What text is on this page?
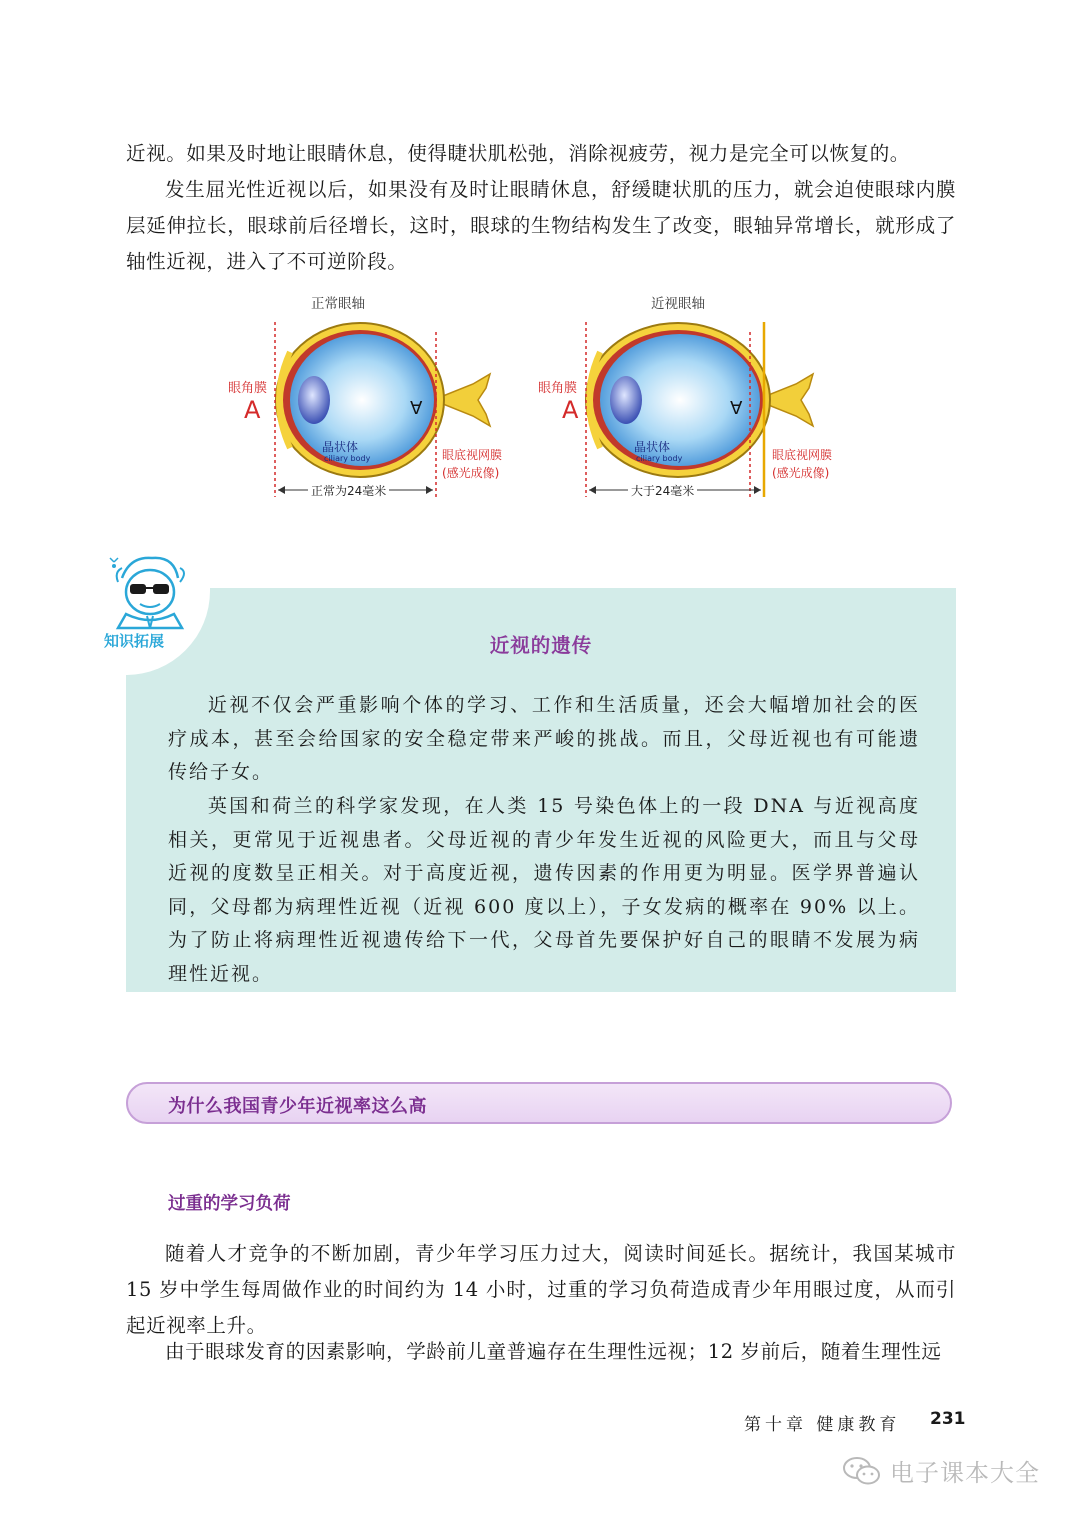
近视。如果及时地让眼睛休息，使得睫状肌松弛，消除视疲劳，视力是完全可以恢复的。

发生屈光性近视以后，如果没有及时让眼睛休息，舒缓睫状肌的压力，就会迫使眼球内膜层延伸拉长，眼球前后径增长，这时，眼球的生物结构发生了改变，眼轴异常增长，就形成了轴性近视，进入了不可逆阶段。

正常眼轴
眼角膜
A	A
晶状体
ciliary body	眼底视网膜
(感光成像)
正常为24毫米
近视眼轴
眼角膜
A	A
晶状体
ciliary body	眼底视网膜
(感光成像)
大于24毫米
知识拓展	近视的遗传

近视不仅会严重影响个体的学习、工作和生活质量，还会大幅增加社会的医疗成本，甚至会给国家的安全稳定带来严峻的挑战。而且，父母近视也有可能遗传给子女。

英国和荷兰的科学家发现，在人类 15 号染色体上的一段 DNA 与近视高度相关，更常见于近视患者。父母近视的青少年发生近视的风险更大，而且与父母近视的度数呈正相关。对于高度近视，遗传因素的作用更为明显。医学界普遍认同，父母都为病理性近视（近视 600 度以上），子女发病的概率在 90% 以上。为了防止将病理性近视遗传给下一代，父母首先要保护好自己的眼睛不发展为病理性近视。

为什么我国青少年近视率这么高
过重的学习负荷

随着人才竞争的不断加剧，青少年学习压力过大，阅读时间延长。据统计，我国某城市 15 岁中学生每周做作业的时间约为 14 小时，过重的学习负荷造成青少年用眼过度，从而引起近视率上升。

由于眼球发育的因素影响，学龄前儿童普遍存在生理性远视；12 岁前后，随着生理性远

第十章 健康教育 231
电子课本大全
